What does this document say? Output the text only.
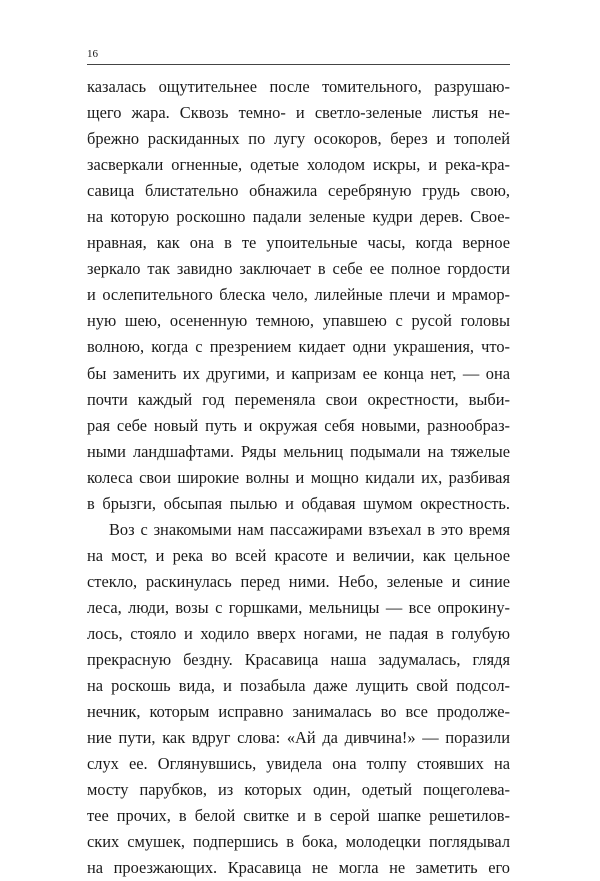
16
казалась ощутительнее после томительного, разрушаю-
щего жара. Сквозь темно- и светло-зеленые листья не-
брежно раскиданных по лугу осокоров, берез и тополей
засверкали огненные, одетые холодом искры, и река-кра-
савица блистательно обнажила серебряную грудь свою,
на которую роскошно падали зеленые кудри дерев. Свое-
нравная, как она в те упоительные часы, когда верное
зеркало так завидно заключает в себе ее полное гордости
и ослепительного блеска чело, лилейные плечи и мрамор-
ную шею, осененную темною, упавшею с русой головы
волною, когда с презрением кидает одни украшения, что-
бы заменить их другими, и капризам ее конца нет, — она
почти каждый год переменяла свои окрестности, выби-
рая себе новый путь и окружая себя новыми, разнообраз-
ными ландшафтами. Ряды мельниц подымали на тяжелые
колеса свои широкие волны и мощно кидали их, разбивая
в брызги, обсыпая пылью и обдавая шумом окрестность.
Воз с знакомыми нам пассажирами взъехал в это время
на мост, и река во всей красоте и величии, как цельное
стекло, раскинулась перед ними. Небо, зеленые и синие
леса, люди, возы с горшками, мельницы — все опрокину-
лось, стояло и ходило вверх ногами, не падая в голубую
прекрасную бездну. Красавица наша задумалась, глядя
на роскошь вида, и позабыла даже лущить свой подсол-
нечник, которым исправно занималась во все продолже-
ние пути, как вдруг слова: «Ай да дивчина!» — поразили
слух ее. Оглянувшись, увидела она толпу стоявших на
мосту парубков, из которых один, одетый пощеголева-
тее прочих, в белой свитке и в серой шапке решетилов-
ских смушек, подпершись в бока, молодецки поглядывал
на проезжающих. Красавица не могла не заметить его
